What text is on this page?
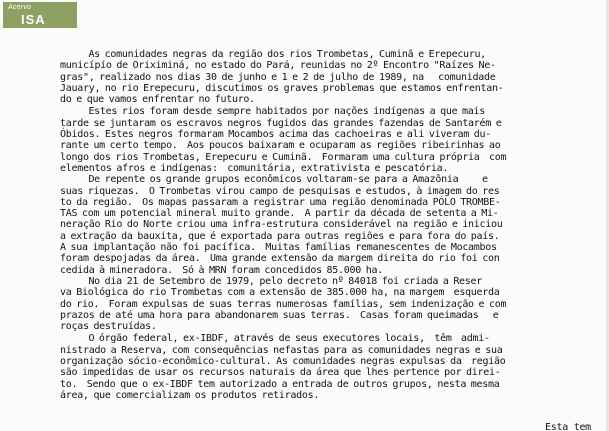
Acervo
ISA
As comunidades negras da região dos rios Trombetas, Cuminã e Erepecuru,
municípío de Oriximiná, no estado do Pará, reunidas no 2º Encontro "Raízes Ne-
gras", realizado nos dias 30 de junho e 1 e 2 de julho de 1989, na   comunidade
Jauary, no rio Erepecuru, discutimos os graves problemas que estamos enfrentan-
do e que vamos enfrentar no futuro.
Estes rios foram desde sempre habitados por nações indígenas a que mais
tarde se juntaram os escravos negros fugidos das grandes fazendas de Santarém e
Óbidos. Estes negros formaram Mocambos acima das cachoeiras e ali viveram du-
rante um certo tempo.  Aos poucos baixaram e ocuparam as regiões ribeirinhas ao
longo dos rios Trombetas, Erepecuru e Cuminã.  Formaram uma cultura própria  com
elementos afros e indígenas:  comunitária, extrativista e pescatória.
De repente os grande grupos econômicos voltaram-se para a Amazônia     e
suas riquezas.  O Trombetas virou campo de pesquisas e estudos, à imagem do res
to da região.  Os mapas passaram a registrar uma região denominada PÓLO TROMBE-
TAS com um potencial mineral muito grande.  A partir da década de setenta a Mi-
neração Rio do Norte criou uma infra-estrutura considerável na região e iniciou
a extração da bauxita, que é exportada para outras regiões e para fora do país.
A sua implantação não foi pacífica.  Muitas famílias remanescentes de Mocambos
foram despojadas da área.  Uma grande extensão da margem direita do rio foi con
cedida à mineradora.  Só à MRN foram concedidos 85.000 ha.
No dia 21 de Setembro de 1979, pelo decreto nº 84018 foi criada a Reser
va Biológica do rio Trombetas com a extensão de 385.000 ha, na margem  esquerda
do rio.  Foram expulsas de suas terras numerosas famílias, sem indenização e com
prazos de até uma hora para abandonarem suas terras.  Casas foram queimadas   e
roças destruídas.
O órgão federal, ex-IBDF, através de seus executores locais,  têm  admi-
nistrado a Reserva, com consequências nefastas para as comunidades negras e sua
organização sócio-econômico-cultural. As comunidades negras expulsas da  região
são impedidas de usar os recursos naturais da área que lhes pertence por direi-
to.  Sendo que o ex-IBDF tem autorizado a entrada de outros grupos, nesta mesma
área, que comercializam os produtos retirados.
Esta tem
